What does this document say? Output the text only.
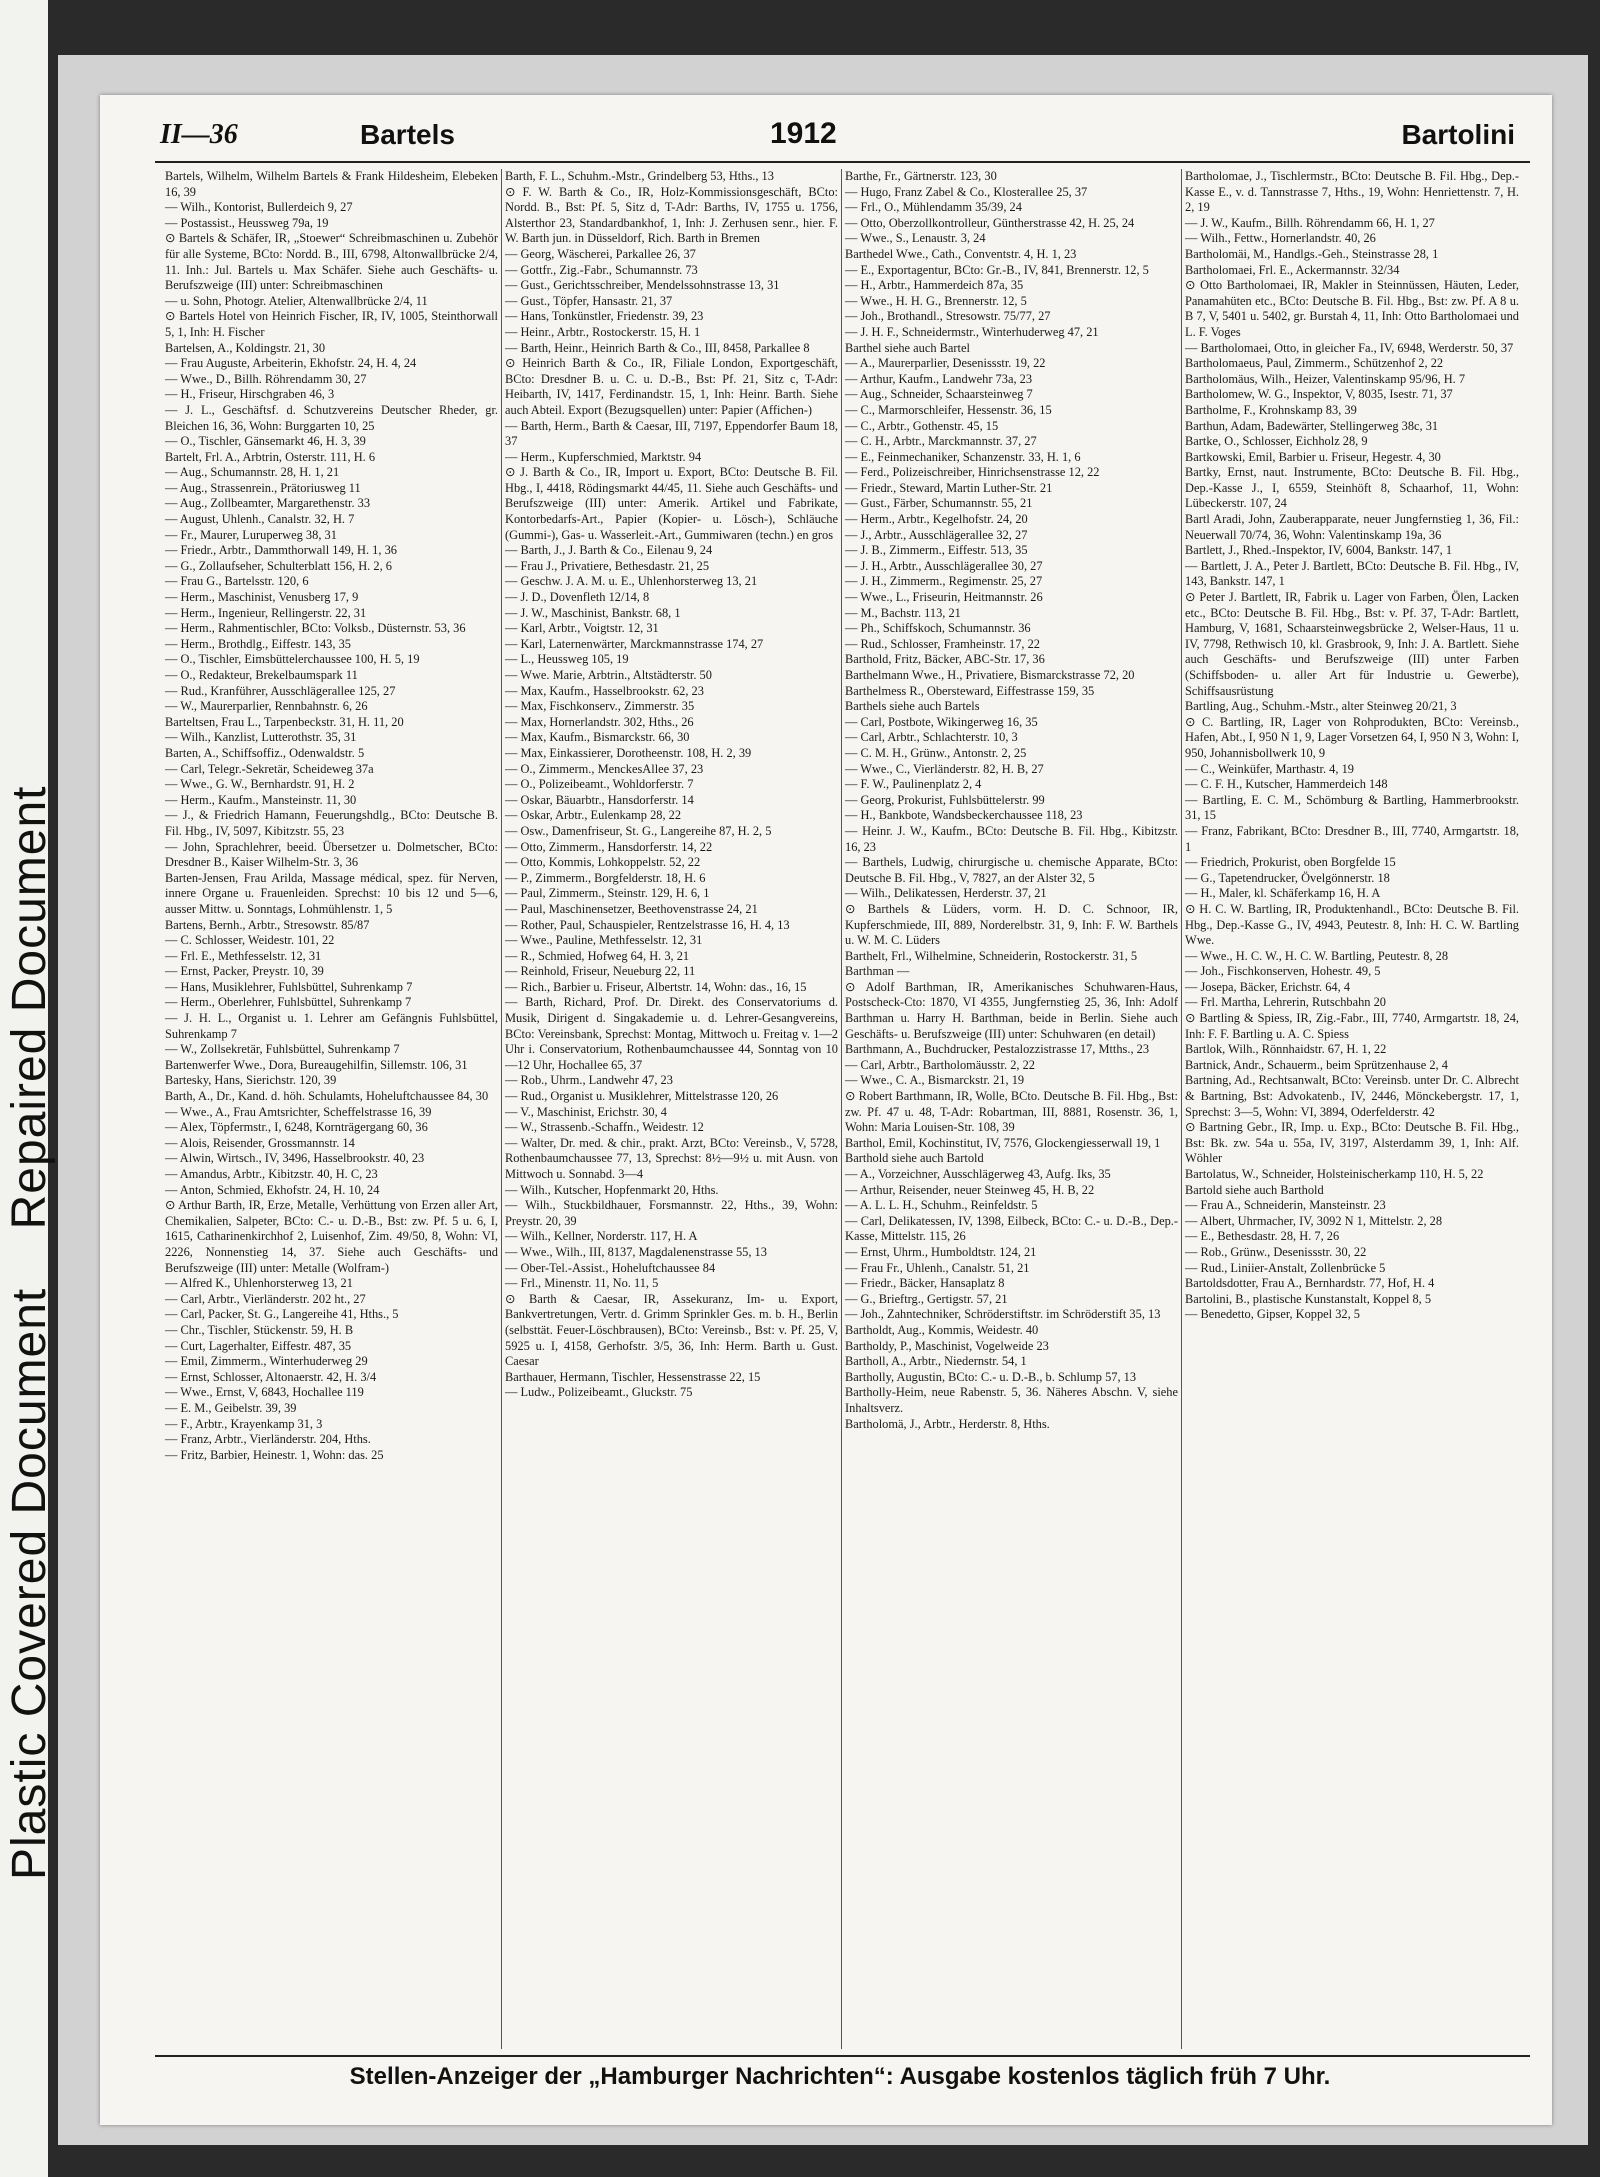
Plastic Covered Document Repaired Document
II—36	Bartels	1912	Bartolini
Bartels, Wilhelm, Wilhelm Bartels & Frank Hildesheim, Elebeken 16, 39
— Wilh., Kontorist, Bullerdeich 9, 27
— Postassist., Heussweg 79a, 19
⊙ Bartels & Schäfer, IR, „Stoewer“ Schreibmaschinen u. Zubehör für alle Systeme, BCto: Nordd. B., III, 6798, Altonwallbrücke 2/4, 11. Inh.: Jul. Bartels u. Max Schäfer. Siehe auch Geschäfts- u. Berufszweige (III) unter: Schreibmaschinen
— u. Sohn, Photogr. Atelier, Altenwallbrücke 2/4, 11
⊙ Bartels Hotel von Heinrich Fischer, IR, IV, 1005, Steinthorwall 5, 1, Inh: H. Fischer
Bartelsen, A., Koldingstr. 21, 30
— Frau Auguste, Arbeiterin, Ekhofstr. 24, H. 4, 24
— Wwe., D., Billh. Röhrendamm 30, 27
— H., Friseur, Hirschgraben 46, 3
— J. L., Geschäftsf. d. Schutzvereins Deutscher Rheder, gr. Bleichen 16, 36, Wohn: Burggarten 10, 25
— O., Tischler, Gänsemarkt 46, H. 3, 39
Bartelt, Frl. A., Arbtrin, Osterstr. 111, H. 6
— Aug., Schumannstr. 28, H. 1, 21
— Aug., Strassenrein., Prätoriusweg 11
— Aug., Zollbeamter, Margarethenstr. 33
— August, Uhlenh., Canalstr. 32, H. 7
— Fr., Maurer, Luruperweg 38, 31
— Friedr., Arbtr., Dammthorwall 149, H. 1, 36
— G., Zollaufseher, Schulterblatt 156, H. 2, 6
— Frau G., Bartelsstr. 120, 6
— Herm., Maschinist, Venusberg 17, 9
— Herm., Ingenieur, Rellingerstr. 22, 31
— Herm., Rahmentischler, BCto: Volksb., Düsternstr. 53, 36
— Herm., Brothdlg., Eiffestr. 143, 35
— O., Tischler, Eimsbüttelerchaussee 100, H. 5, 19
— O., Redakteur, Brekelbaumspark 11
— Rud., Kranführer, Ausschlägerallee 125, 27
— W., Maurerparlier, Rennbahnstr. 6, 26
Barteltsen, Frau L., Tarpenbeckstr. 31, H. 11, 20
— Wilh., Kanzlist, Lutterothstr. 35, 31
Barten, A., Schiffsoffiz., Odenwaldstr. 5
— Carl, Telegr.-Sekretär, Scheideweg 37a
— Wwe., G. W., Bernhardstr. 91, H. 2
— Herm., Kaufm., Mansteinstr. 11, 30
— J., & Friedrich Hamann, Feuerungshdlg., BCto: Deutsche B. Fil. Hbg., IV, 5097, Kibitzstr. 55, 23
— John, Sprachlehrer, beeid. Übersetzer u. Dolmetscher, BCto: Dresdner B., Kaiser Wilhelm-Str. 3, 36
Barten-Jensen, Frau Arilda, Massage médical, spez. für Nerven, innere Organe u. Frauenleiden. Sprechst: 10 bis 12 und 5—6, ausser Mittw. u. Sonntags, Lohmühlenstr. 1, 5
Bartens, Bernh., Arbtr., Stresowstr. 85/87
— C. Schlosser, Weidestr. 101, 22
— Frl. E., Methfesselstr. 12, 31
— Ernst, Packer, Preystr. 10, 39
— Hans, Musiklehrer, Fuhlsbüttel, Suhrenkamp 7
— Herm., Oberlehrer, Fuhlsbüttel, Suhrenkamp 7
— J. H. L., Organist u. 1. Lehrer am Gefängnis Fuhlsbüttel, Suhrenkamp 7
— W., Zollsekretär, Fuhlsbüttel, Suhrenkamp 7
Bartenwerfer Wwe., Dora, Bureaugehilfin, Sillemstr. 106, 31
Bartesky, Hans, Sierichstr. 120, 39
Barth, A., Dr., Kand. d. höh. Schulamts, Hoheluftchaussee 84, 30
— Wwe., A., Frau Amtsrichter, Scheffelstrasse 16, 39
— Alex, Töpfermstr., I, 6248, Kornträgergang 60, 36
— Alois, Reisender, Grossmannstr. 14
— Alwin, Wirtsch., IV, 3496, Hasselbrookstr. 40, 23
— Amandus, Arbtr., Kibitzstr. 40, H. C, 23
— Anton, Schmied, Ekhofstr. 24, H. 10, 24
⊙ Arthur Barth, IR, Erze, Metalle, Verhüttung von Erzen aller Art, Chemikalien, Salpeter, BCto: C.- u. D.-B., Bst: zw. Pf. 5 u. 6, I, 1615, Catharinenkirchhof 2, Luisenhof, Zim. 49/50, 8, Wohn: VI, 2226, Nonnenstieg 14, 37. Siehe auch Geschäfts- und Berufszweige (III) unter: Metalle (Wolfram-)
— Alfred K., Uhlenhorsterweg 13, 21
— Carl, Arbtr., Vierländerstr. 202 ht., 27
— Carl, Packer, St. G., Langereihe 41, Hths., 5
— Chr., Tischler, Stückenstr. 59, H. B
— Curt, Lagerhalter, Eiffestr. 487, 35
— Emil, Zimmerm., Winterhuderweg 29
— Ernst, Schlosser, Altonaerstr. 42, H. 3/4
— Wwe., Ernst, V, 6843, Hochallee 119
— E. M., Geibelstr. 39, 39
— F., Arbtr., Krayenkamp 31, 3
— Franz, Arbtr., Vierländerstr. 204, Hths.
— Fritz, Barbier, Heinestr. 1, Wohn: das. 25
Barth, F. L., Schuhm.-Mstr., Grindelberg 53, Hths., 13
⊙ F. W. Barth & Co., IR, Holz-Kommissionsgeschäft, BCto: Nordd. B., Bst: Pf. 5, Sitz d, T-Adr: Barths, IV, 1755 u. 1756, Alsterthor 23, Standardbankhof, 1, Inh: J. Zerhusen senr., hier. F. W. Barth jun. in Düsseldorf, Rich. Barth in Bremen
— Georg, Wäscherei, Parkallee 26, 37
— Gottfr., Zig.-Fabr., Schumannstr. 73
— Gust., Gerichtsschreiber, Mendelssohnstrasse 13, 31
— Gust., Töpfer, Hansastr. 21, 37
— Hans, Tonkünstler, Friedenstr. 39, 23
— Heinr., Arbtr., Rostockerstr. 15, H. 1
— Barth, Heinr., Heinrich Barth & Co., III, 8458, Parkallee 8
⊙ Heinrich Barth & Co., IR, Filiale London, Exportgeschäft, BCto: Dresdner B. u. C. u. D.-B., Bst: Pf. 21, Sitz c, T-Adr: Heibarth, IV, 1417, Ferdinandstr. 15, 1, Inh: Heinr. Barth. Siehe auch Abteil. Export (Bezugsquellen) unter: Papier (Affichen-)
— Barth, Herm., Barth & Caesar, III, 7197, Eppendorfer Baum 18, 37
— Herm., Kupferschmied, Marktstr. 94
⊙ J. Barth & Co., IR, Import u. Export, BCto: Deutsche B. Fil. Hbg., I, 4418, Rödingsmarkt 44/45, 11. Siehe auch Geschäfts- und Berufszweige (III) unter: Amerik. Artikel und Fabrikate, Kontorbedarfs-Art., Papier (Kopier- u. Lösch-), Schläuche (Gummi-), Gas- u. Wasserleit.-Art., Gummiwaren (techn.) en gros
— Barth, J., J. Barth & Co., Eilenau 9, 24
— Frau J., Privatiere, Bethesdastr. 21, 25
— Geschw. J. A. M. u. E., Uhlenhorsterweg 13, 21
— J. D., Dovenfleth 12/14, 8
— J. W., Maschinist, Bankstr. 68, 1
— Karl, Arbtr., Voigtstr. 12, 31
— Karl, Laternenwärter, Marckmannstrasse 174, 27
— L., Heussweg 105, 19
— Wwe. Marie, Arbtrin., Altstädterstr. 50
— Max, Kaufm., Hasselbrookstr. 62, 23
— Max, Fischkonserv., Zimmerstr. 35
— Max, Hornerlandstr. 302, Hths., 26
— Max, Kaufm., Bismarckstr. 66, 30
— Max, Einkassierer, Dorotheenstr. 108, H. 2, 39
— O., Zimmerm., MenckesAllee 37, 23
— O., Polizeibeamt., Wohldorferstr. 7
— Oskar, Bäuarbtr., Hansdorferstr. 14
— Oskar, Arbtr., Eulenkamp 28, 22
— Osw., Damenfriseur, St. G., Langereihe 87, H. 2, 5
— Otto, Zimmerm., Hansdorferstr. 14, 22
— Otto, Kommis, Lohkoppelstr. 52, 22
— P., Zimmerm., Borgfelderstr. 18, H. 6
— Paul, Zimmerm., Steinstr. 129, H. 6, 1
— Paul, Maschinensetzer, Beethovenstrasse 24, 21
— Rother, Paul, Schauspieler, Rentzelstrasse 16, H. 4, 13
— Wwe., Pauline, Methfesselstr. 12, 31
— R., Schmied, Hofweg 64, H. 3, 21
— Reinhold, Friseur, Neueburg 22, 11
— Rich., Barbier u. Friseur, Albertstr. 14, Wohn: das., 16, 15
— Barth, Richard, Prof. Dr. Direkt. des Conservatoriums d. Musik, Dirigent d. Singakademie u. d. Lehrer-Gesangvereins, BCto: Vereinsbank, Sprechst: Montag, Mittwoch u. Freitag v. 1—2 Uhr i. Conservatorium, Rothenbaumchaussee 44, Sonntag von 10—12 Uhr, Hochallee 65, 37
— Rob., Uhrm., Landwehr 47, 23
— Rud., Organist u. Musiklehrer, Mittelstrasse 120, 26
— V., Maschinist, Erichstr. 30, 4
— W., Strassenb.-Schaffn., Weidestr. 12
— Walter, Dr. med. & chir., prakt. Arzt, BCto: Vereinsb., V, 5728, Rothenbaumchaussee 77, 13, Sprechst: 8½—9½ u. mit Ausn. von Mittwoch u. Sonnabd. 3—4
— Wilh., Kutscher, Hopfenmarkt 20, Hths.
— Wilh., Stuckbildhauer, Forsmannstr. 22, Hths., 39, Wohn: Preystr. 20, 39
— Wilh., Kellner, Norderstr. 117, H. A
— Wwe., Wilh., III, 8137, Magdalenenstrasse 55, 13
— Ober-Tel.-Assist., Hoheluftchaussee 84
— Frl., Minenstr. 11, No. 11, 5
⊙ Barth & Caesar, IR, Assekuranz, Im- u. Export, Bankvertretungen, Vertr. d. Grimm Sprinkler Ges. m. b. H., Berlin (selbsttät. Feuer-Löschbrausen), BCto: Vereinsb., Bst: v. Pf. 25, V, 5925 u. I, 4158, Gerhofstr. 3/5, 36, Inh: Herm. Barth u. Gust. Caesar
Barthauer, Hermann, Tischler, Hessenstrasse 22, 15
— Ludw., Polizeibeamt., Gluckstr. 75
Barthe, Fr., Gärtnerstr. 123, 30
— Hugo, Franz Zabel & Co., Klosterallee 25, 37
— Frl., O., Mühlendamm 35/39, 24
— Otto, Oberzollkontrolleur, Güntherstrasse 42, H. 25, 24
— Wwe., S., Lenaustr. 3, 24
Barthedel Wwe., Cath., Conventstr. 4, H. 1, 23
— E., Exportagentur, BCto: Gr.-B., IV, 841, Brennerstr. 12, 5
— H., Arbtr., Hammerdeich 87a, 35
— Wwe., H. H. G., Brennerstr. 12, 5
— Joh., Brothandl., Stresowstr. 75/77, 27
— J. H. F., Schneidermstr., Winterhuderweg 47, 21
Barthel siehe auch Bartel
— A., Maurerparlier, Desenissstr. 19, 22
— Arthur, Kaufm., Landwehr 73a, 23
— Aug., Schneider, Schaarsteinweg 7
— C., Marmorschleifer, Hessenstr. 36, 15
— C., Arbtr., Gothenstr. 45, 15
— C. H., Arbtr., Marckmannstr. 37, 27
— E., Feinmechaniker, Schanzenstr. 33, H. 1, 6
— Ferd., Polizeischreiber, Hinrichsenstrasse 12, 22
— Friedr., Steward, Martin Luther-Str. 21
— Gust., Färber, Schumannstr. 55, 21
— Herm., Arbtr., Kegelhofstr. 24, 20
— J., Arbtr., Ausschlägerallee 32, 27
— J. B., Zimmerm., Eiffestr. 513, 35
— J. H., Arbtr., Ausschlägerallee 30, 27
— J. H., Zimmerm., Regimenstr. 25, 27
— Wwe., L., Friseurin, Heitmannstr. 26
— M., Bachstr. 113, 21
— Ph., Schiffskoch, Schumannstr. 36
— Rud., Schlosser, Framheinstr. 17, 22
Barthold, Fritz, Bäcker, ABC-Str. 17, 36
Barthelmann Wwe., H., Privatiere, Bismarckstrasse 72, 20
Barthelmess R., Obersteward, Eiffestrasse 159, 35
Barthels siehe auch Bartels
— Carl, Postbote, Wikingerweg 16, 35
— Carl, Arbtr., Schlachterstr. 10, 3
— C. M. H., Grünw., Antonstr. 2, 25
— Wwe., C., Vierländerstr. 82, H. B, 27
— F. W., Paulinenplatz 2, 4
— Georg, Prokurist, Fuhlsbüttelerstr. 99
— H., Bankbote, Wandsbeckerchaussee 118, 23
— Heinr. J. W., Kaufm., BCto: Deutsche B. Fil. Hbg., Kibitzstr. 16, 23
— Barthels, Ludwig, chirurgische u. chemische Apparate, BCto: Deutsche B. Fil. Hbg., V, 7827, an der Alster 32, 5
— Wilh., Delikatessen, Herderstr. 37, 21
⊙ Barthels & Lüders, vorm. H. D. C. Schnoor, IR, Kupferschmiede, III, 889, Norderelbstr. 31, 9, Inh: F. W. Barthels u. W. M. C. Lüders
Barthelt, Frl., Wilhelmine, Schneiderin, Rostockerstr. 31, 5
Barthman —
⊙ Adolf Barthman, IR, Amerikanisches Schuhwaren-Haus, Postscheck-Cto: 1870, VI 4355, Jungfernstieg 25, 36, Inh: Adolf Barthman u. Harry H. Barthman, beide in Berlin. Siehe auch Geschäfts- u. Berufszweige (III) unter: Schuhwaren (en detail)
Barthmann, A., Buchdrucker, Pestalozzistrasse 17, Mtths., 23
— Carl, Arbtr., Bartholomäusstr. 2, 22
— Wwe., C. A., Bismarckstr. 21, 19
⊙ Robert Barthmann, IR, Wolle, BCto. Deutsche B. Fil. Hbg., Bst: zw. Pf. 47 u. 48, T-Adr: Robartman, III, 8881, Rosenstr. 36, 1, Wohn: Maria Louisen-Str. 108, 39
Barthol, Emil, Kochinstitut, IV, 7576, Glockengiesserwall 19, 1
Barthold siehe auch Bartold
— A., Vorzeichner, Ausschlägerweg 43, Aufg. Iks, 35
— Arthur, Reisender, neuer Steinweg 45, H. B, 22
— A. L. L. H., Schuhm., Reinfeldstr. 5
— Carl, Delikatessen, IV, 1398, Eilbeck, BCto: C.- u. D.-B., Dep.-Kasse, Mittelstr. 115, 26
— Ernst, Uhrm., Humboldtstr. 124, 21
— Frau Fr., Uhlenh., Canalstr. 51, 21
— Friedr., Bäcker, Hansaplatz 8
— G., Brieftrg., Gertigstr. 57, 21
— Joh., Zahntechniker, Schröderstiftstr. im Schröderstift 35, 13
Bartholdt, Aug., Kommis, Weidestr. 40
Bartholdy, P., Maschinist, Vogelweide 23
Bartholl, A., Arbtr., Niedernstr. 54, 1
Bartholly, Augustin, BCto: C.- u. D.-B., b. Schlump 57, 13
Bartholly-Heim, neue Rabenstr. 5, 36. Näheres Abschn. V, siehe Inhaltsverz.
Bartholomä, J., Arbtr., Herderstr. 8, Hths.
Bartholomae, J., Tischlermstr., BCto: Deutsche B. Fil. Hbg., Dep.-Kasse E., v. d. Tannstrasse 7, Hths., 19, Wohn: Henriettenstr. 7, H. 2, 19
— J. W., Kaufm., Billh. Röhrendamm 66, H. 1, 27
— Wilh., Fettw., Hornerlandstr. 40, 26
Bartholomäi, M., Handlgs.-Geh., Steinstrasse 28, 1
Bartholomaei, Frl. E., Ackermannstr. 32/34
⊙ Otto Bartholomaei, IR, Makler in Steinnüssen, Häuten, Leder, Panamahüten etc., BCto: Deutsche B. Fil. Hbg., Bst: zw. Pf. A 8 u. B 7, V, 5401 u. 5402, gr. Burstah 4, 11, Inh: Otto Bartholomaei und L. F. Voges
— Bartholomaei, Otto, in gleicher Fa., IV, 6948, Werderstr. 50, 37
Bartholomaeus, Paul, Zimmerm., Schützenhof 2, 22
Bartholomäus, Wilh., Heizer, Valentinskamp 95/96, H. 7
Bartholomew, W. G., Inspektor, V, 8035, Isestr. 71, 37
Bartholme, F., Krohnskamp 83, 39
Barthun, Adam, Badewärter, Stellingerweg 38c, 31
Bartke, O., Schlosser, Eichholz 28, 9
Bartkowski, Emil, Barbier u. Friseur, Hegestr. 4, 30
Bartky, Ernst, naut. Instrumente, BCto: Deutsche B. Fil. Hbg., Dep.-Kasse J., I, 6559, Steinhöft 8, Schaarhof, 11, Wohn: Lübeckerstr. 107, 24
Bartl Aradi, John, Zauberapparate, neuer Jungfernstieg 1, 36, Fil.: Neuerwall 70/74, 36, Wohn: Valentinskamp 19a, 36
Bartlett, J., Rhed.-Inspektor, IV, 6004, Bankstr. 147, 1
— Bartlett, J. A., Peter J. Bartlett, BCto: Deutsche B. Fil. Hbg., IV, 143, Bankstr. 147, 1
⊙ Peter J. Bartlett, IR, Fabrik u. Lager von Farben, Ölen, Lacken etc., BCto: Deutsche B. Fil. Hbg., Bst: v. Pf. 37, T-Adr: Bartlett, Hamburg, V, 1681, Schaarsteinwegsbrücke 2, Welser-Haus, 11 u. IV, 7798, Rethwisch 10, kl. Grasbrook, 9, Inh: J. A. Bartlett. Siehe auch Geschäfts- und Berufszweige (III) unter Farben (Schiffsboden- u. aller Art für Industrie u. Gewerbe), Schiffsausrüstung
Bartling, Aug., Schuhm.-Mstr., alter Steinweg 20/21, 3
⊙ C. Bartling, IR, Lager von Rohprodukten, BCto: Vereinsb., Hafen, Abt., I, 950 N 1, 9, Lager Vorsetzen 64, I, 950 N 3, Wohn: I, 950, Johannisbollwerk 10, 9
— C., Weinküfer, Marthastr. 4, 19
— C. F. H., Kutscher, Hammerdeich 148
— Bartling, E. C. M., Schömburg & Bartling, Hammerbrookstr. 31, 15
— Franz, Fabrikant, BCto: Dresdner B., III, 7740, Armgartstr. 18, 1
— Friedrich, Prokurist, oben Borgfelde 15
— G., Tapetendrucker, Övelgönnerstr. 18
— H., Maler, kl. Schäferkamp 16, H. A
⊙ H. C. W. Bartling, IR, Produktenhandl., BCto: Deutsche B. Fil. Hbg., Dep.-Kasse G., IV, 4943, Peutestr. 8, Inh: H. C. W. Bartling Wwe.
— Wwe., H. C. W., H. C. W. Bartling, Peutestr. 8, 28
— Joh., Fischkonserven, Hohestr. 49, 5
— Josepa, Bäcker, Erichstr. 64, 4
— Frl. Martha, Lehrerin, Rutschbahn 20
⊙ Bartling & Spiess, IR, Zig.-Fabr., III, 7740, Armgartstr. 18, 24, Inh: F. F. Bartling u. A. C. Spiess
Bartlok, Wilh., Rönnhaidstr. 67, H. 1, 22
Bartnick, Andr., Schauerm., beim Sprützenhause 2, 4
Bartning, Ad., Rechtsanwalt, BCto: Vereinsb. unter Dr. C. Albrecht & Bartning, Bst: Advokatenb., IV, 2446, Mönckebergstr. 17, 1, Sprechst: 3—5, Wohn: VI, 3894, Oderfelderstr. 42
⊙ Bartning Gebr., IR, Imp. u. Exp., BCto: Deutsche B. Fil. Hbg., Bst: Bk. zw. 54a u. 55a, IV, 3197, Alsterdamm 39, 1, Inh: Alf. Wöhler
Bartolatus, W., Schneider, Holsteinischerkamp 110, H. 5, 22
Bartold siehe auch Barthold
— Frau A., Schneiderin, Mansteinstr. 23
— Albert, Uhrmacher, IV, 3092 N 1, Mittelstr. 2, 28
— E., Bethesdastr. 28, H. 7, 26
— Rob., Grünw., Desenissstr. 30, 22
— Rud., Liniier-Anstalt, Zollenbrücke 5
Bartoldsdotter, Frau A., Bernhardstr. 77, Hof, H. 4
Bartolini, B., plastische Kunstanstalt, Koppel 8, 5
— Benedetto, Gipser, Koppel 32, 5
Stellen-Anzeiger der „Hamburger Nachrichten“: Ausgabe kostenlos täglich früh 7 Uhr.
